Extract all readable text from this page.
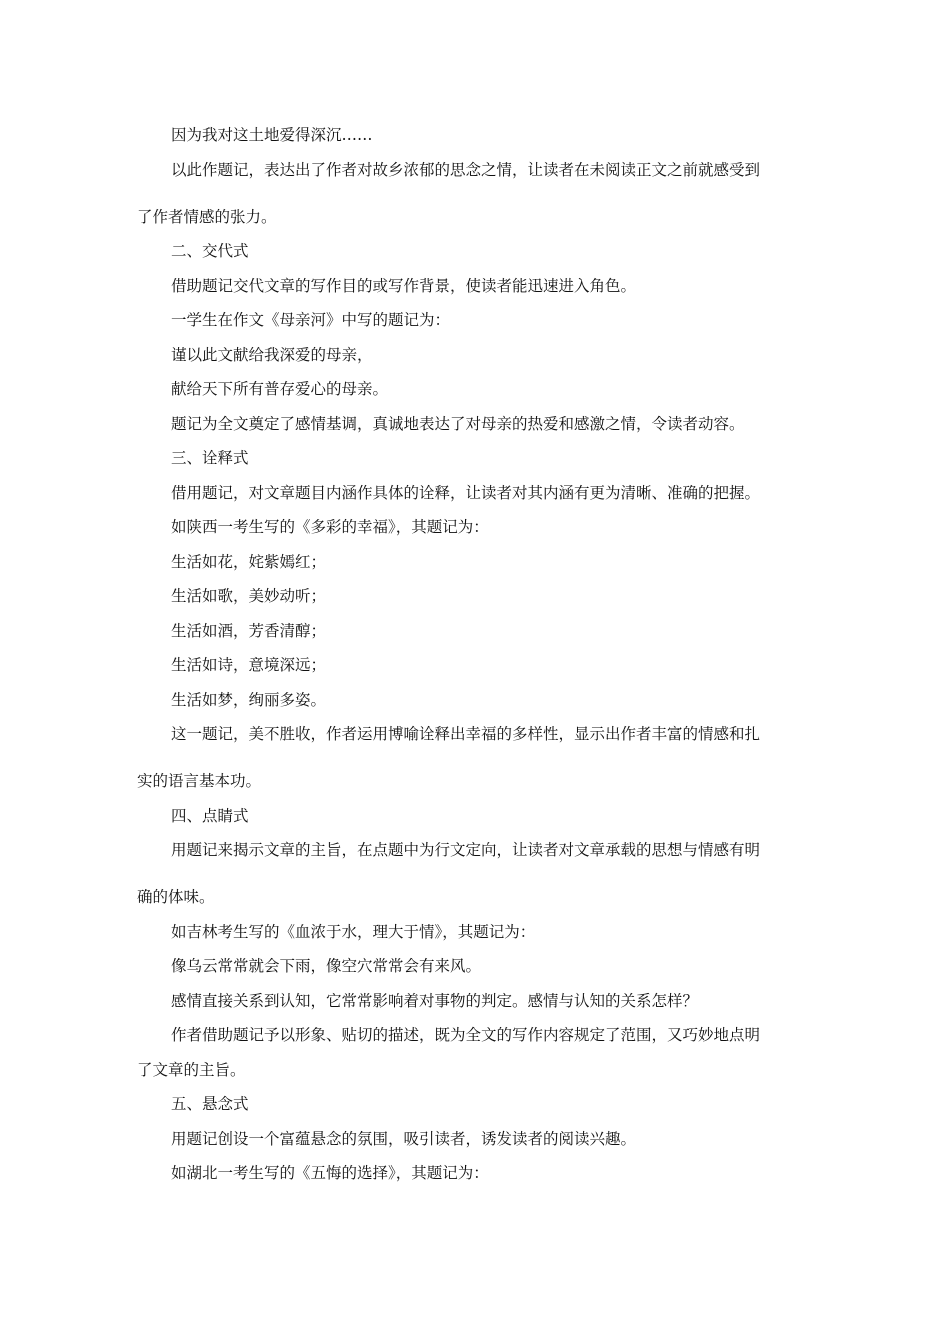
因为我对这土地爱得深沉……

以此作题记，表达出了作者对故乡浓郁的思念之情，让读者在未阅读正文之前就感受到

了作者情感的张力。

二、交代式

借助题记交代文章的写作目的或写作背景，使读者能迅速进入角色。

一学生在作文《母亲河》中写的题记为：

谨以此文献给我深爱的母亲，

献给天下所有普存爱心的母亲。

题记为全文奠定了感情基调，真诚地表达了对母亲的热爱和感激之情，令读者动容。

三、诠释式

借用题记，对文章题目内涵作具体的诠释，让读者对其内涵有更为清晰、准确的把握。

如陕西一考生写的《多彩的幸福》，其题记为：

生活如花，姹紫嫣红；

生活如歌，美妙动听；

生活如酒，芳香清醇；

生活如诗，意境深远；

生活如梦，绚丽多姿。

这一题记，美不胜收，作者运用博喻诠释出幸福的多样性，显示出作者丰富的情感和扎

实的语言基本功。

四、点睛式

用题记来揭示文章的主旨，在点题中为行文定向，让读者对文章承载的思想与情感有明

确的体味。

如吉林考生写的《血浓于水，理大于情》，其题记为：

像乌云常常就会下雨，像空穴常常会有来风。

感情直接关系到认知，它常常影响着对事物的判定。感情与认知的关系怎样？

作者借助题记予以形象、贴切的描述，既为全文的写作内容规定了范围，又巧妙地点明

了文章的主旨。

五、悬念式

用题记创设一个富蕴悬念的氛围，吸引读者，诱发读者的阅读兴趣。

如湖北一考生写的《五悔的选择》，其题记为：
